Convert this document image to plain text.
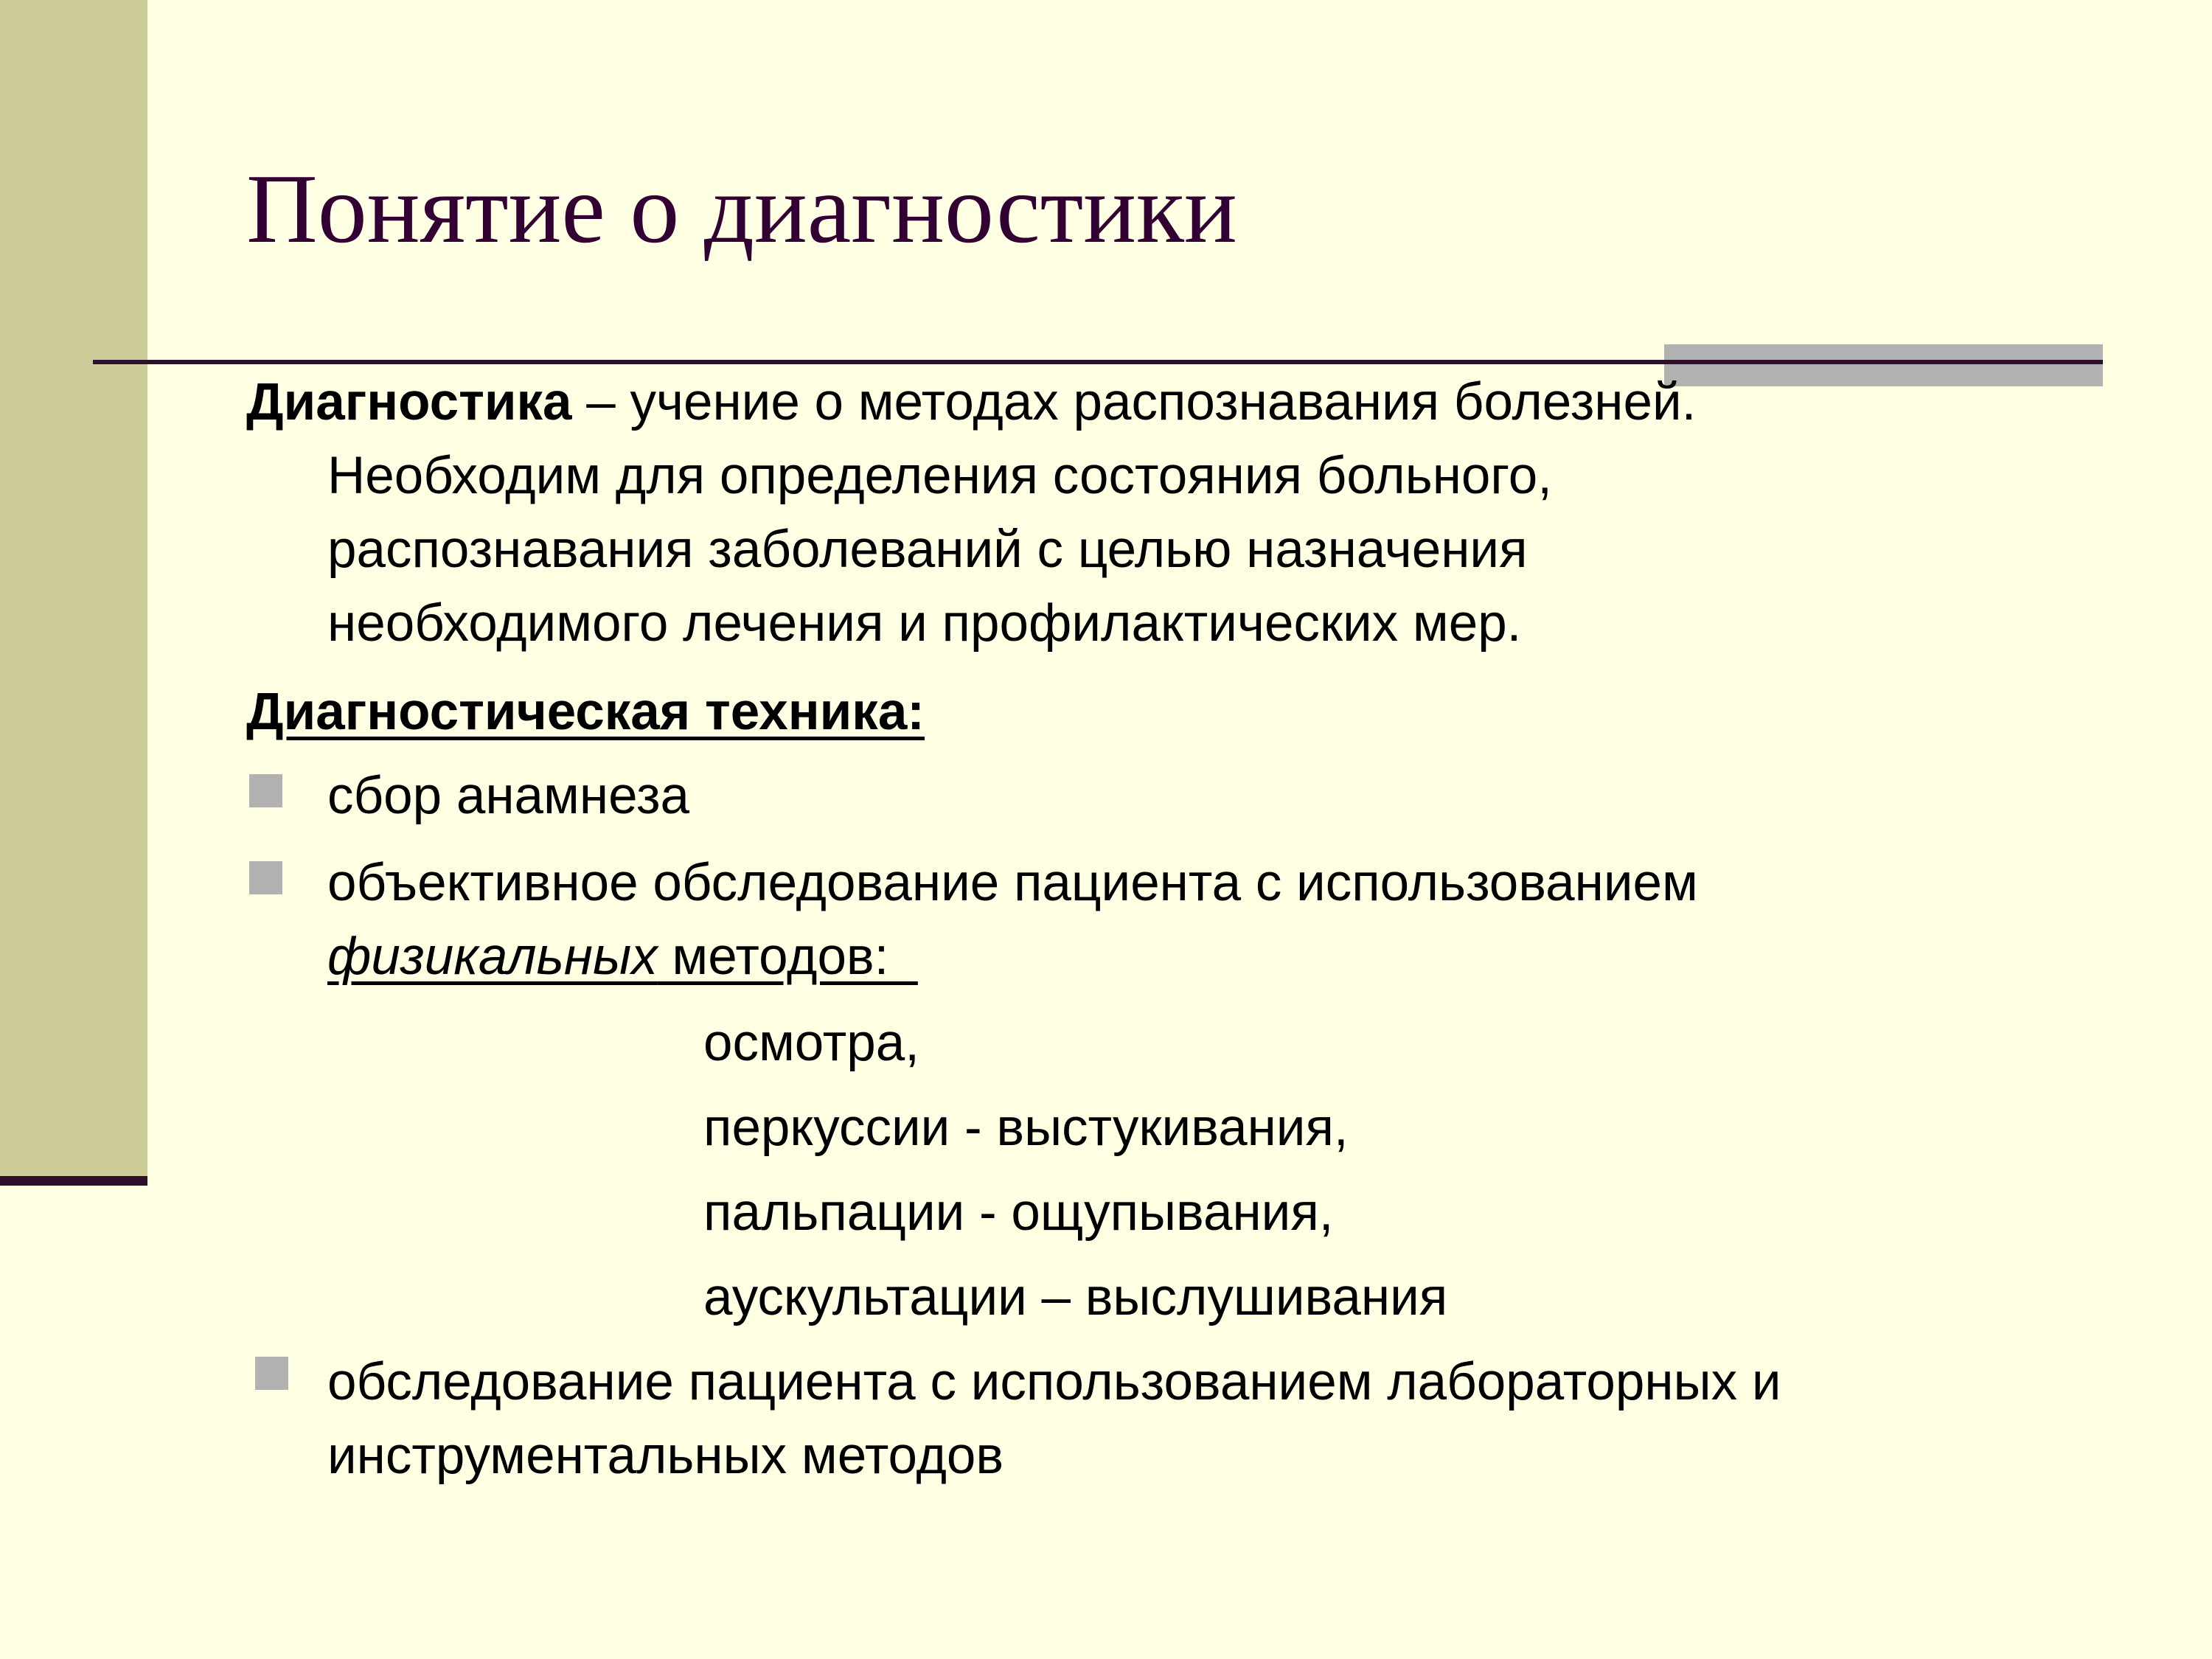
Понятие о диагностики
Диагностика – учение о методах распознавания болезней.
Необходим для определения состояния больного,
распознавания заболеваний с целью назначения
необходимого лечения и профилактических мер.
Диагностическая техника:
сбор анамнеза
объективное обследование пациента с использованием
физикальных методов:
осмотра,
перкуссии - выстукивания,
пальпации - ощупывания,
аускультации – выслушивания
обследование пациента с использованием лабораторных и
инструментальных методов
